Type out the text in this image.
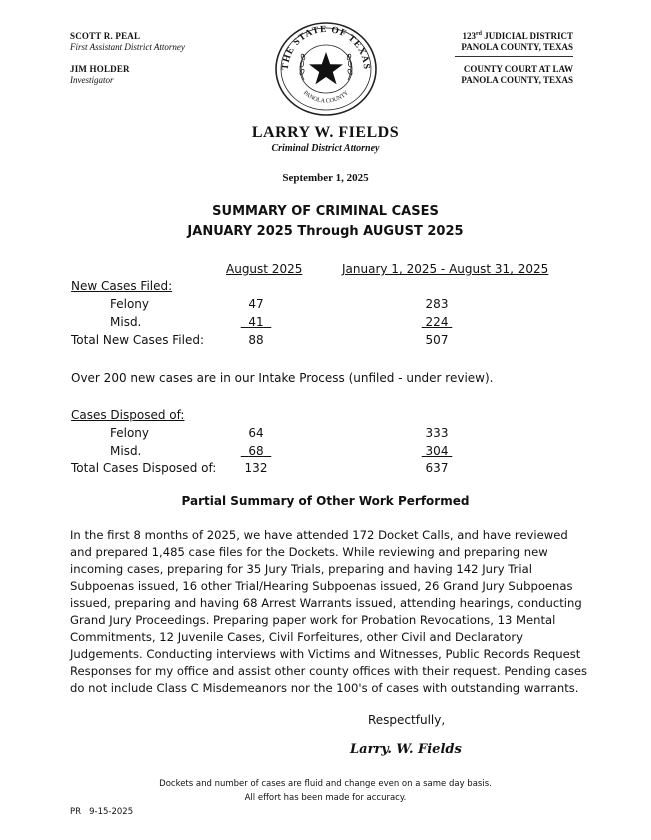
SCOTT R. PEAL
First Assistant District Attorney
JIM HOLDER
Investigator
123rd JUDICIAL DISTRICT
PANOLA COUNTY, TEXAS
COUNTY COURT AT LAW
PANOLA COUNTY, TEXAS
THE STATE OF TEXAS
PANOLA COUNTY
LARRY W. FIELDS
Criminal District Attorney
September 1, 2025
SUMMARY OF CRIMINAL CASES
JANUARY 2025 Through AUGUST 2025
August 2025	January 1, 2025 - August 31, 2025
New Cases Filed:
Felony	47	283
Misd.	41	224
Total New Cases Filed:	88	507
Over 200 new cases are in our Intake Process (unfiled - under review).
Cases Disposed of:
Felony	64	333
Misd.	68	304
Total Cases Disposed of:	132	637
Partial Summary of Other Work Performed
In the first 8 months of 2025, we have attended 172 Docket Calls, and have reviewed
and prepared 1,485 case files for the Dockets. While reviewing and preparing new
incoming cases, preparing for 35 Jury Trials, preparing and having 142 Jury Trial
Subpoenas issued, 16 other Trial/Hearing Subpoenas issued, 26 Grand Jury Subpoenas
issued, preparing and having 68 Arrest Warrants issued, attending hearings, conducting
Grand Jury Proceedings. Preparing paper work for Probation Revocations, 13 Mental
Commitments, 12 Juvenile Cases, Civil Forfeitures, other Civil and Declaratory
Judgements. Conducting interviews with Victims and Witnesses, Public Records Request
Responses for my office and assist other county offices with their request. Pending cases
do not include Class C Misdemeanors nor the 100's of cases with outstanding warrants.
Respectfully,
Larry. W. Fields
Dockets and number of cases are fluid and change even on a same day basis.
All effort has been made for accuracy.
PR   9-15-2025
